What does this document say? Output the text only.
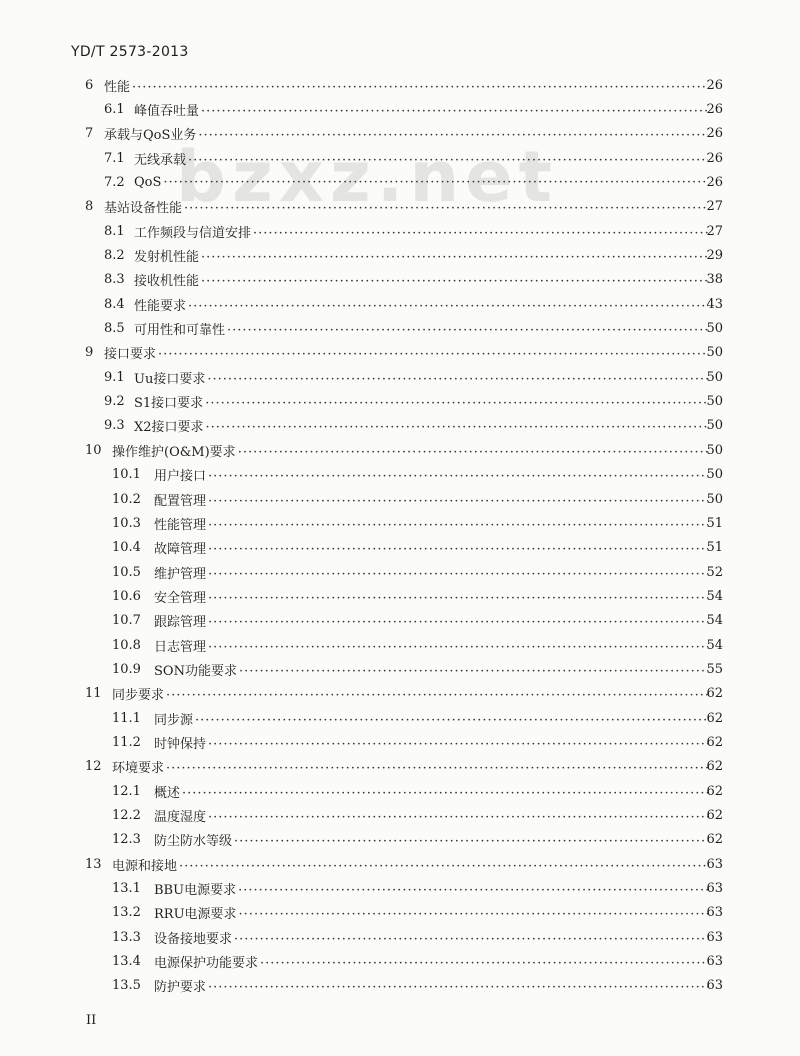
YD/T 2573-2013
bzxz.net
6 性能 ·····	26
6.1 峰值吞吐量 ·····	26
7 承载与QoS业务 ·····	26
7.1 无线承载 ·····	26
7.2 QoS ·····	26
8 基站设备性能 ·····	27
8.1 工作频段与信道安排 ·····	27
8.2 发射机性能 ·····	29
8.3 接收机性能 ·····	38
8.4 性能要求 ·····	43
8.5 可用性和可靠性 ·····	50
9 接口要求 ·····	50
9.1 Uu接口要求 ·····	50
9.2 S1接口要求 ·····	50
9.3 X2接口要求 ·····	50
10 操作维护(O&M)要求 ·····	50
10.1 用户接口 ·····	50
10.2 配置管理 ·····	50
10.3 性能管理 ·····	51
10.4 故障管理 ·····	51
10.5 维护管理 ·····	52
10.6 安全管理 ·····	54
10.7 跟踪管理 ·····	54
10.8 日志管理 ·····	54
10.9 SON功能要求 ·····	55
11 同步要求 ·····	62
11.1 同步源 ·····	62
11.2 时钟保持 ·····	62
12 环境要求 ·····	62
12.1 概述 ·····	62
12.2 温度湿度 ·····	62
12.3 防尘防水等级 ·····	62
13 电源和接地 ·····	63
13.1 BBU电源要求 ·····	63
13.2 RRU电源要求 ·····	63
13.3 设备接地要求 ·····	63
13.4 电源保护功能要求 ·····	63
13.5 防护要求 ·····	63
II
